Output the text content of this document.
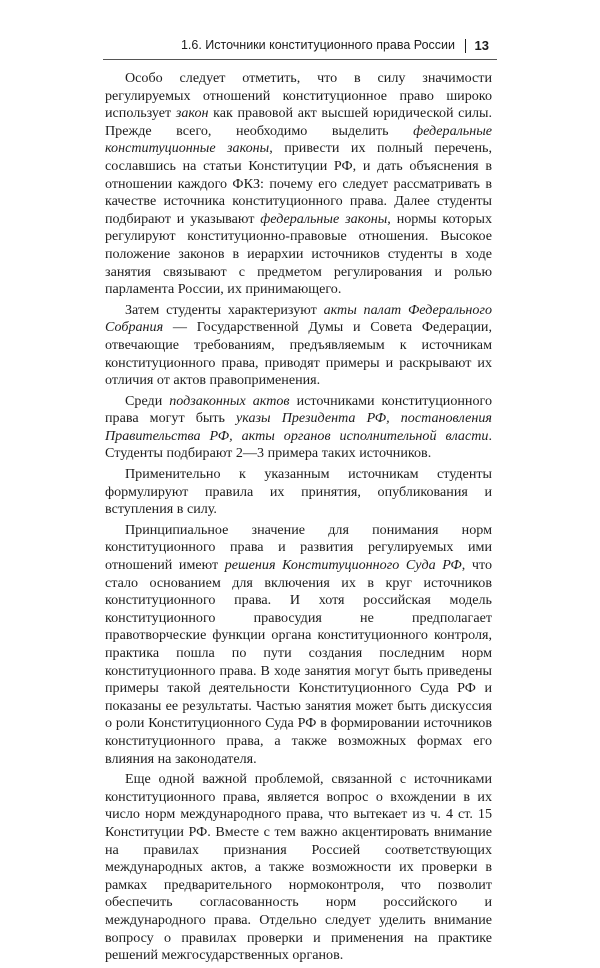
1.6. Источники конституционного права России 13

Особо следует отметить, что в силу значимости регулируемых отношений конституционное право широко использует закон как правовой акт высшей юридической силы. Прежде всего, необходимо выделить федеральные конституционные законы, привести их полный перечень, сославшись на статьи Конституции РФ, и дать объяснения в отношении каждого ФКЗ: почему его следует рассматривать в качестве источника конституционного права. Далее студенты подбирают и указывают федеральные законы, нормы которых регулируют конституционно-правовые отношения. Высокое положение законов в иерархии источников студенты в ходе занятия связывают с предметом регулирования и ролью парламента России, их принимающего.

Затем студенты характеризуют акты палат Федерального Собрания — Государственной Думы и Совета Федерации, отвечающие требованиям, предъявляемым к источникам конституционного права, приводят примеры и раскрывают их отличия от актов правоприменения.

Среди подзаконных актов источниками конституционного права могут быть указы Президента РФ, постановления Правительства РФ, акты органов исполнительной власти. Студенты подбирают 2—3 примера таких источников.

Применительно к указанным источникам студенты формулируют правила их принятия, опубликования и вступления в силу.

Принципиальное значение для понимания норм конституционного права и развития регулируемых ими отношений имеют решения Конституционного Суда РФ, что стало основанием для включения их в круг источников конституционного права. И хотя российская модель конституционного правосудия не предполагает правотворческие функции органа конституционного контроля, практика пошла по пути создания последним норм конституционного права. В ходе занятия могут быть приведены примеры такой деятельности Конституционного Суда РФ и показаны ее результаты. Частью занятия может быть дискуссия о роли Конституционного Суда РФ в формировании источников конституционного права, а также возможных формах его влияния на законодателя.

Еще одной важной проблемой, связанной с источниками конституционного права, является вопрос о вхождении в их число норм международного права, что вытекает из ч. 4 ст. 15 Конституции РФ. Вместе с тем важно акцентировать внимание на правилах признания Россией соответствующих международных актов, а также возможности их проверки в рамках предварительного нормоконтроля, что позволит обеспечить согласованность норм российского и международного права. Отдельно следует уделить внимание вопросу о правилах проверки и применения на практике решений межгосударственных органов.
